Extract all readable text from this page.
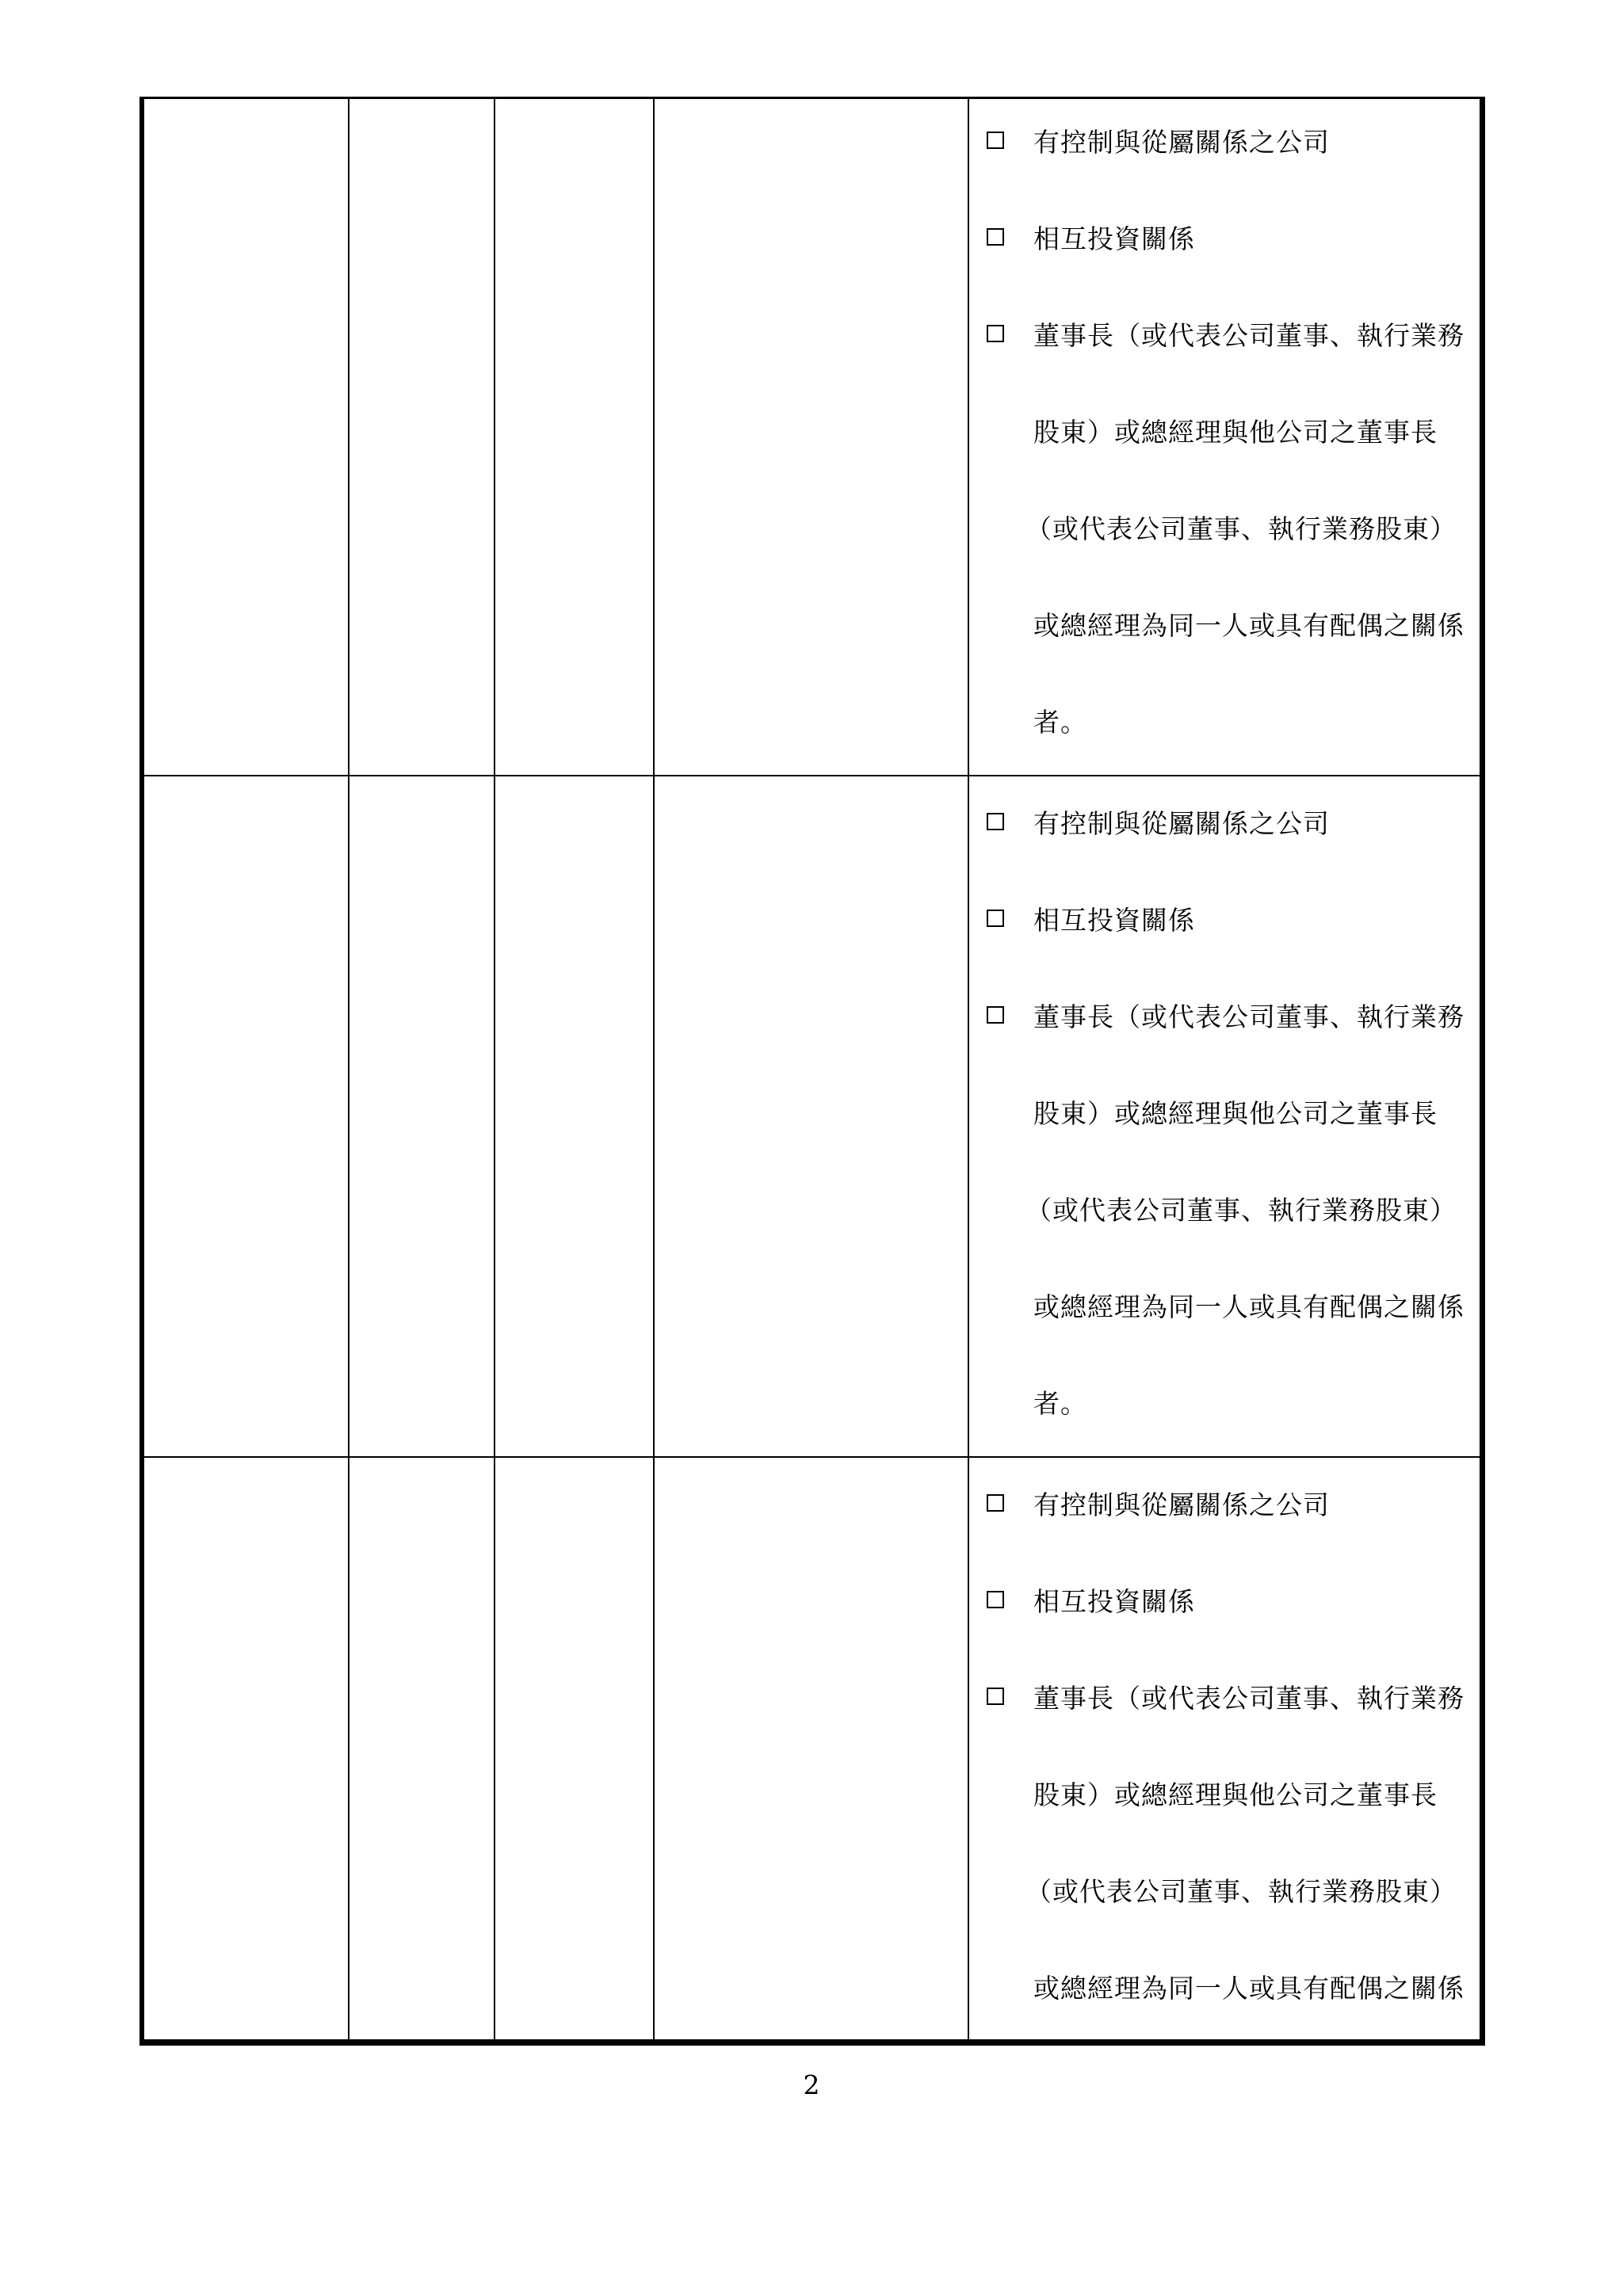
有控制與從屬關係之公司
相互投資關係
董事長（或代表公司董事、執行業務
股東）或總經理與他公司之董事長
（或代表公司董事、執行業務股東）
或總經理為同一人或具有配偶之關係
者。
有控制與從屬關係之公司
相互投資關係
董事長（或代表公司董事、執行業務
股東）或總經理與他公司之董事長
（或代表公司董事、執行業務股東）
或總經理為同一人或具有配偶之關係
者。
有控制與從屬關係之公司
相互投資關係
董事長（或代表公司董事、執行業務
股東）或總經理與他公司之董事長
（或代表公司董事、執行業務股東）
或總經理為同一人或具有配偶之關係
2
